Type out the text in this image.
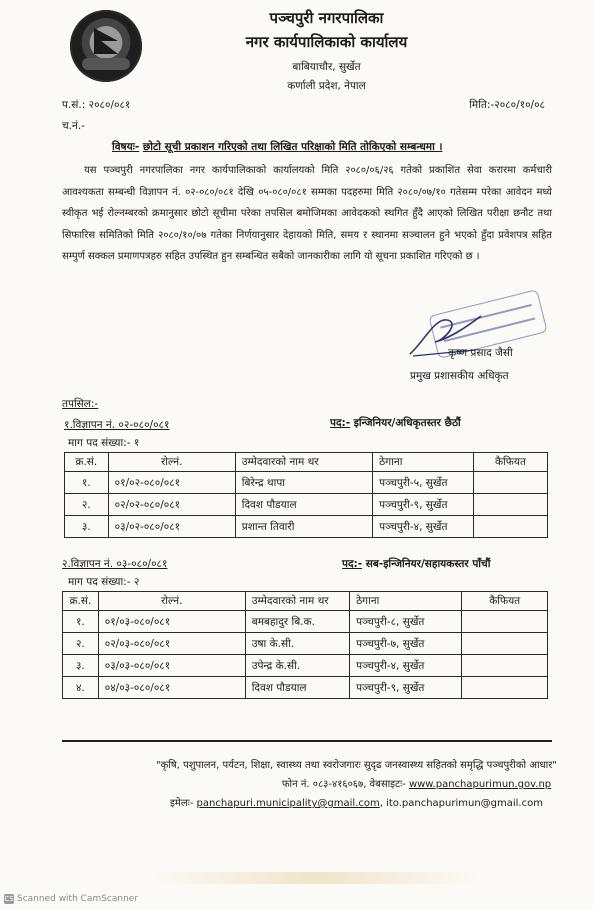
पञ्चपुरी नगरपालिका
नगर कार्यपालिकाको कार्यालय
बाबियाचौर, सुर्खेत
कर्णाली प्रदेश, नेपाल
प.सं.: २०८०/०८१
च.नं.-
मिति:-२०८०/१०/०८
विषयः- छोटो सूची प्रकाशन गरिएको तथा लिखित परिक्षाको मिति तोकिएको सम्बन्धमा ।
यस पञ्चपुरी नगरपालिका नगर कार्यपालिकाको कार्यालयको मिति २०८०/०६/२६ गतेको प्रकाशित सेवा करारमा कर्मचारी आवश्यकता सम्बन्धी विज्ञापन नं. ०२-०८०/०८१ देखि ०५-०८०/०८१ सम्मका पदहरुमा मिति २०८०/०७/१० गतेसम्म परेका आवेदन मध्ये स्वीकृत भई रोल्नम्बरको क्रमानुसार छोटो सूचीमा परेका तपसिल बमोजिमका आवेदकको स्थगित हुँदै आएको लिखित परीक्षा छनौट तथा सिफारिस समितिको मिति २०८०/१०/०७ गतेका निर्णयानुसार देहायको मिति, समय र स्थानमा सञ्चालन हुने भएको हुँदा प्रवेशपत्र सहित सम्पुर्ण सक्कल प्रमाणपत्रहरु सहित उपस्थित हुन सम्बन्धित सबैको जानकारीका लागि यो सूचना प्रकाशित गरिएको छ ।
कृष्ण प्रसाद जैसी
प्रमुख प्रशासकीय अधिकृत
तपसिल:-
१.विज्ञापन नं. ०२-०८०/०८१	पद:- इन्जिनियर/अधिकृतस्तर छैठौं
माग पद संख्या:- १
क्र.सं.	रोल्नं.	उम्मेदवारको नाम थर	ठेगाना	कैफियत
१.	०१/०२-०८०/०८१	बिरेन्द्र थापा	पञ्चपुरी-५, सुर्खेत	
२.	०२/०२-०८०/०८१	दिवश पौडयाल	पञ्चपुरी-९, सुर्खेत	
३.	०३/०२-०८०/०८१	प्रशान्त तिवारी	पञ्चपुरी-४, सुर्खेत	
२.विज्ञापन नं. ०३-०८०/०८१	पद:- सब-इन्जिनियर/सहायकस्तर पाँचौं
माग पद संख्या:- २
क्र.सं.	रोल्नं.	उम्मेदवारको नाम थर	ठेगाना	कैफियत
१.	०१/०३-०८०/०८१	बमबहादुर बि.क.	पञ्चपुरी-८, सुर्खेत	
२.	०२/०३-०८०/०८१	उषा के.सी.	पञ्चपुरी-७, सुर्खेत	
३.	०३/०३-०८०/०८१	उपेन्द्र के.सी.	पञ्चपुरी-४, सुर्खेत	
४.	०४/०३-०८०/०८१	दिवश पौडयाल	पञ्चपुरी-९, सुर्खेत	
"कृषि, पशुपालन, पर्यटन, शिक्षा, स्वास्थ्य तथा स्वरोजगारः सुदृढ जनस्वास्थ्य सहितको समृद्धि पञ्चपुरीको आधार"
फोन नं. ०८३-४१६०६७, वेबसाइटः- www.panchapurimun.gov.np
इमेलः- panchapuri.municipality@gmail.com, ito.panchapurimun@gmail.com
CS Scanned with CamScanner
